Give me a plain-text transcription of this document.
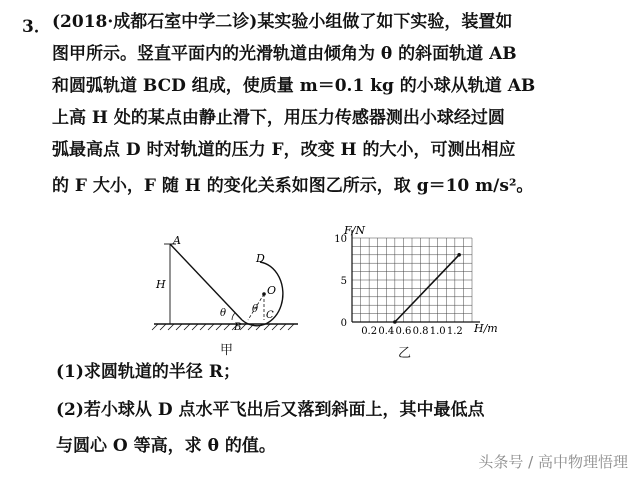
3． (2018·成都石室中学二诊)某实验小组做了如下实验，装置如
图甲所示。竖直平面内的光滑轨道由倾角为 θ 的斜面轨道 AB
和圆弧轨道 BCD 组成，使质量 m＝0.1 kg 的小球从轨道 AB
上高 H 处的某点由静止滑下，用压力传感器测出小球经过圆
弧最高点 D 时对轨道的压力 F，改变 H 的大小，可测出相应
的 F 大小，F 随 H 的变化关系如图乙所示，取 g＝10 m/s²。
A
H
D
O
B
C
θ	θ
甲
0.2 0.4 0.6 0.8 1.0 1.2
0
5
10
F/N
H/m
乙
(1)求圆轨道的半径 R；
(2)若小球从 D 点水平飞出后又落到斜面上，其中最低点
与圆心 O 等高，求 θ 的值。
头条号 / 高中物理悟理
